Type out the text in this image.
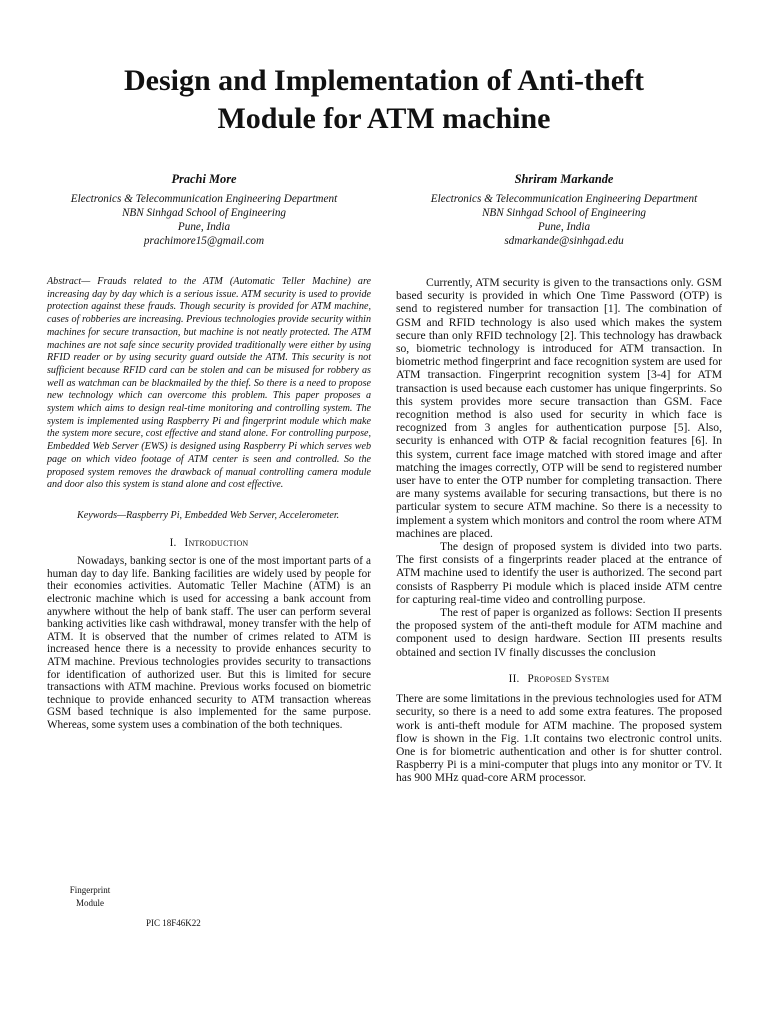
Design and Implementation of Anti-theft
Module for ATM machine
Prachi More
Electronics & Telecommunication Engineering Department
NBN Sinhgad School of Engineering
Pune, India
prachimore15@gmail.com
Shriram Markande
Electronics & Telecommunication Engineering Department
NBN Sinhgad School of Engineering
Pune, India
sdmarkande@sinhgad.edu
Abstract— Frauds related to the ATM (Automatic Teller Machine) are increasing day by day which is a serious issue. ATM security is used to provide protection against these frauds. Though security is provided for ATM machine, cases of robberies are increasing. Previous technologies provide security within machines for secure transaction, but machine is not neatly protected. The ATM machines are not safe since security provided traditionally were either by using RFID reader or by using security guard outside the ATM. This security is not sufficient because RFID card can be stolen and can be misused for robbery as well as watchman can be blackmailed by the thief. So there is a need to propose new technology which can overcome this problem. This paper proposes a system which aims to design real-time monitoring and controlling system. The system is implemented using Raspberry Pi and fingerprint module which make the system more secure, cost effective and stand alone. For controlling purpose, Embedded Web Server (EWS) is designed using Raspberry Pi which serves web page on which video footage of ATM center is seen and controlled. So the proposed system removes the drawback of manual controlling camera module and door also this system is stand alone and cost effective.
Keywords—Raspberry Pi, Embedded Web Server, Accelerometer.
I. Introduction

Nowadays, banking sector is one of the most important parts of a human day to day life. Banking facilities are widely used by people for their economies activities. Automatic Teller Machine (ATM) is an electronic machine which is used for accessing a bank account from anywhere without the help of bank staff. The user can perform several banking activities like cash withdrawal, money transfer with the help of ATM. It is observed that the number of crimes related to ATM is increased hence there is a necessity to provide enhances security to ATM machine. Previous technologies provides security to transactions for identification of authorized user. But this is limited for secure transactions with ATM machine. Previous works focused on biometric technique to provide enhanced security to ATM transaction whereas GSM based technique is also implemented for the same purpose. Whereas, some system uses a combination of the both techniques.

Currently, ATM security is given to the transactions only. GSM based security is provided in which One Time Password (OTP) is send to registered number for transaction [1]. The combination of GSM and RFID technology is also used which makes the system secure than only RFID technology [2]. This technology has drawback so, biometric technology is introduced for ATM transaction. In biometric method fingerprint and face recognition system are used for ATM transaction. Fingerprint recognition system [3-4] for ATM transaction is used because each customer has unique fingerprints. So this system provides more secure transaction than GSM. Face recognition method is also used for security in which face is recognized from 3 angles for authentication purpose [5]. Also, security is enhanced with OTP & facial recognition features [6]. In this system, current face image matched with stored image and after matching the images correctly, OTP will be send to registered number user have to enter the OTP number for completing transaction. There are many systems available for securing transactions, but there is no particular system to secure ATM machine. So there is a necessity to implement a system which monitors and control the room where ATM machines are placed.

The design of proposed system is divided into two parts. The first consists of a fingerprints reader placed at the entrance of ATM machine used to identify the user is authorized. The second part consists of Raspberry Pi module which is placed inside ATM centre for capturing real-time video and controlling purpose.

The rest of paper is organized as follows: Section II presents the proposed system of the anti-theft module for ATM machine and component used to design hardware. Section III presents results obtained and section IV finally discusses the conclusion

II. Proposed System

There are some limitations in the previous technologies used for ATM security, so there is a need to add some extra features. The proposed work is anti-theft module for ATM machine. The proposed system flow is shown in the Fig. 1.It contains two electronic control units. One is for biometric authentication and other is for shutter control. Raspberry Pi is a mini-computer that plugs into any monitor or TV. It has 900 MHz quad-core ARM processor.

Fingerprint
Module
PIC 18F46K22
